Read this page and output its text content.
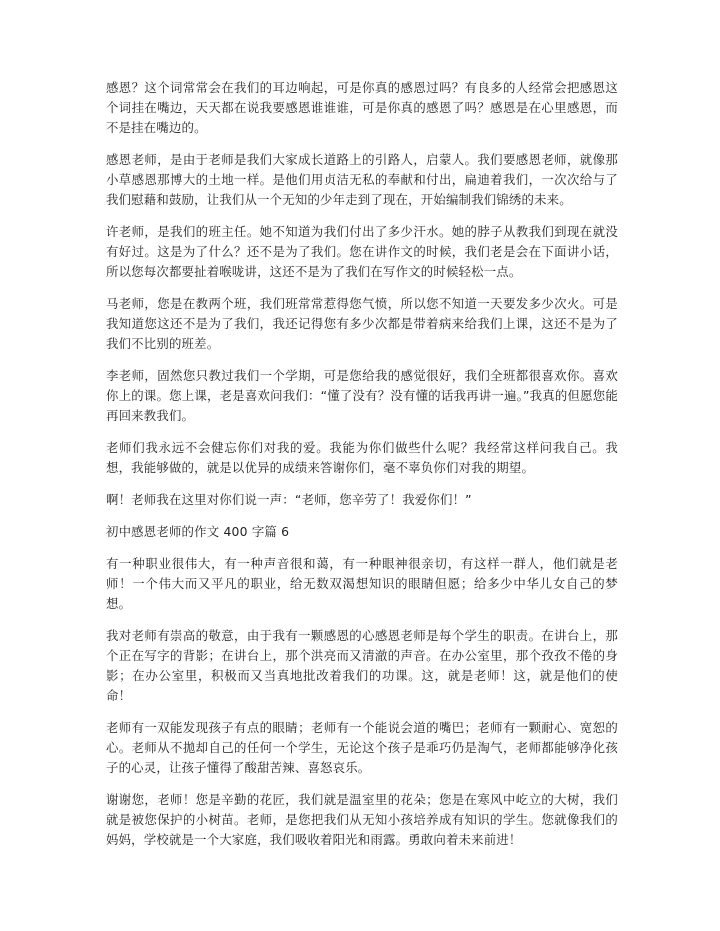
感恩？这个词常常会在我们的耳边响起，可是你真的感恩过吗？有良多的人经常会把感恩这个词挂在嘴边，天天都在说我要感恩谁谁谁，可是你真的感恩了吗？感恩是在心里感恩，而不是挂在嘴边的。

感恩老师，是由于老师是我们大家成长道路上的引路人，启蒙人。我们要感恩老师，就像那小草感恩那博大的土地一样。是他们用贞洁无私的奉献和付出，扁迪着我们，一次次给与了我们慰藉和鼓励，让我们从一个无知的少年走到了现在，开始编制我们锦绣的未来。

许老师，是我们的班主任。她不知道为我们付出了多少汗水。她的脖子从教我们到现在就没有好过。这是为了什么？还不是为了我们。您在讲作文的时候，我们老是会在下面讲小话，所以您每次都要扯着喉咙讲，这还不是为了我们在写作文的时候轻松一点。

马老师，您是在教两个班，我们班常常惹得您气愤，所以您不知道一天要发多少次火。可是我知道您这还不是为了我们，我还记得您有多少次都是带着病来给我们上课，这还不是为了我们不比别的班差。

李老师，固然您只教过我们一个学期，可是您给我的感觉很好，我们全班都很喜欢你。喜欢你上的课。您上课，老是喜欢问我们：“懂了没有？没有懂的话我再讲一遍。”我真的但愿您能再回来教我们。

老师们我永远不会健忘你们对我的爱。我能为你们做些什么呢？我经常这样问我自己。我想，我能够做的，就是以优异的成绩来答谢你们，毫不辜负你们对我的期望。

啊！老师我在这里对你们说一声：“老师，您辛劳了！我爱你们！”

初中感恩老师的作文 400 字篇 6

有一种职业很伟大，有一种声音很和蔼，有一种眼神很亲切，有这样一群人，他们就是老师！一个伟大而又平凡的职业，给无数双渴想知识的眼睛但愿；给多少中华儿女自己的梦想。

我对老师有崇高的敬意，由于我有一颗感恩的心感恩老师是每个学生的职责。在讲台上，那个正在写字的背影；在讲台上，那个洪亮而又清澈的声音。在办公室里，那个孜孜不倦的身影；在办公室里，积极而又当真地批改着我们的功课。这，就是老师！这，就是他们的使命！

老师有一双能发现孩子有点的眼睛；老师有一个能说会道的嘴巴；老师有一颗耐心、宽恕的心。老师从不拋却自己的任何一个学生，无论这个孩子是乖巧仍是淘气，老师都能够净化孩子的心灵，让孩子懂得了酸甜苦辣、喜怒哀乐。

谢谢您，老师！您是辛勤的花匠，我们就是温室里的花朵；您是在寒风中屹立的大树，我们就是被您保护的小树苗。老师，是您把我们从无知小孩培养成有知识的学生。您就像我们的妈妈，学校就是一个大家庭，我们吸收着阳光和雨露。勇敢向着未来前进！
